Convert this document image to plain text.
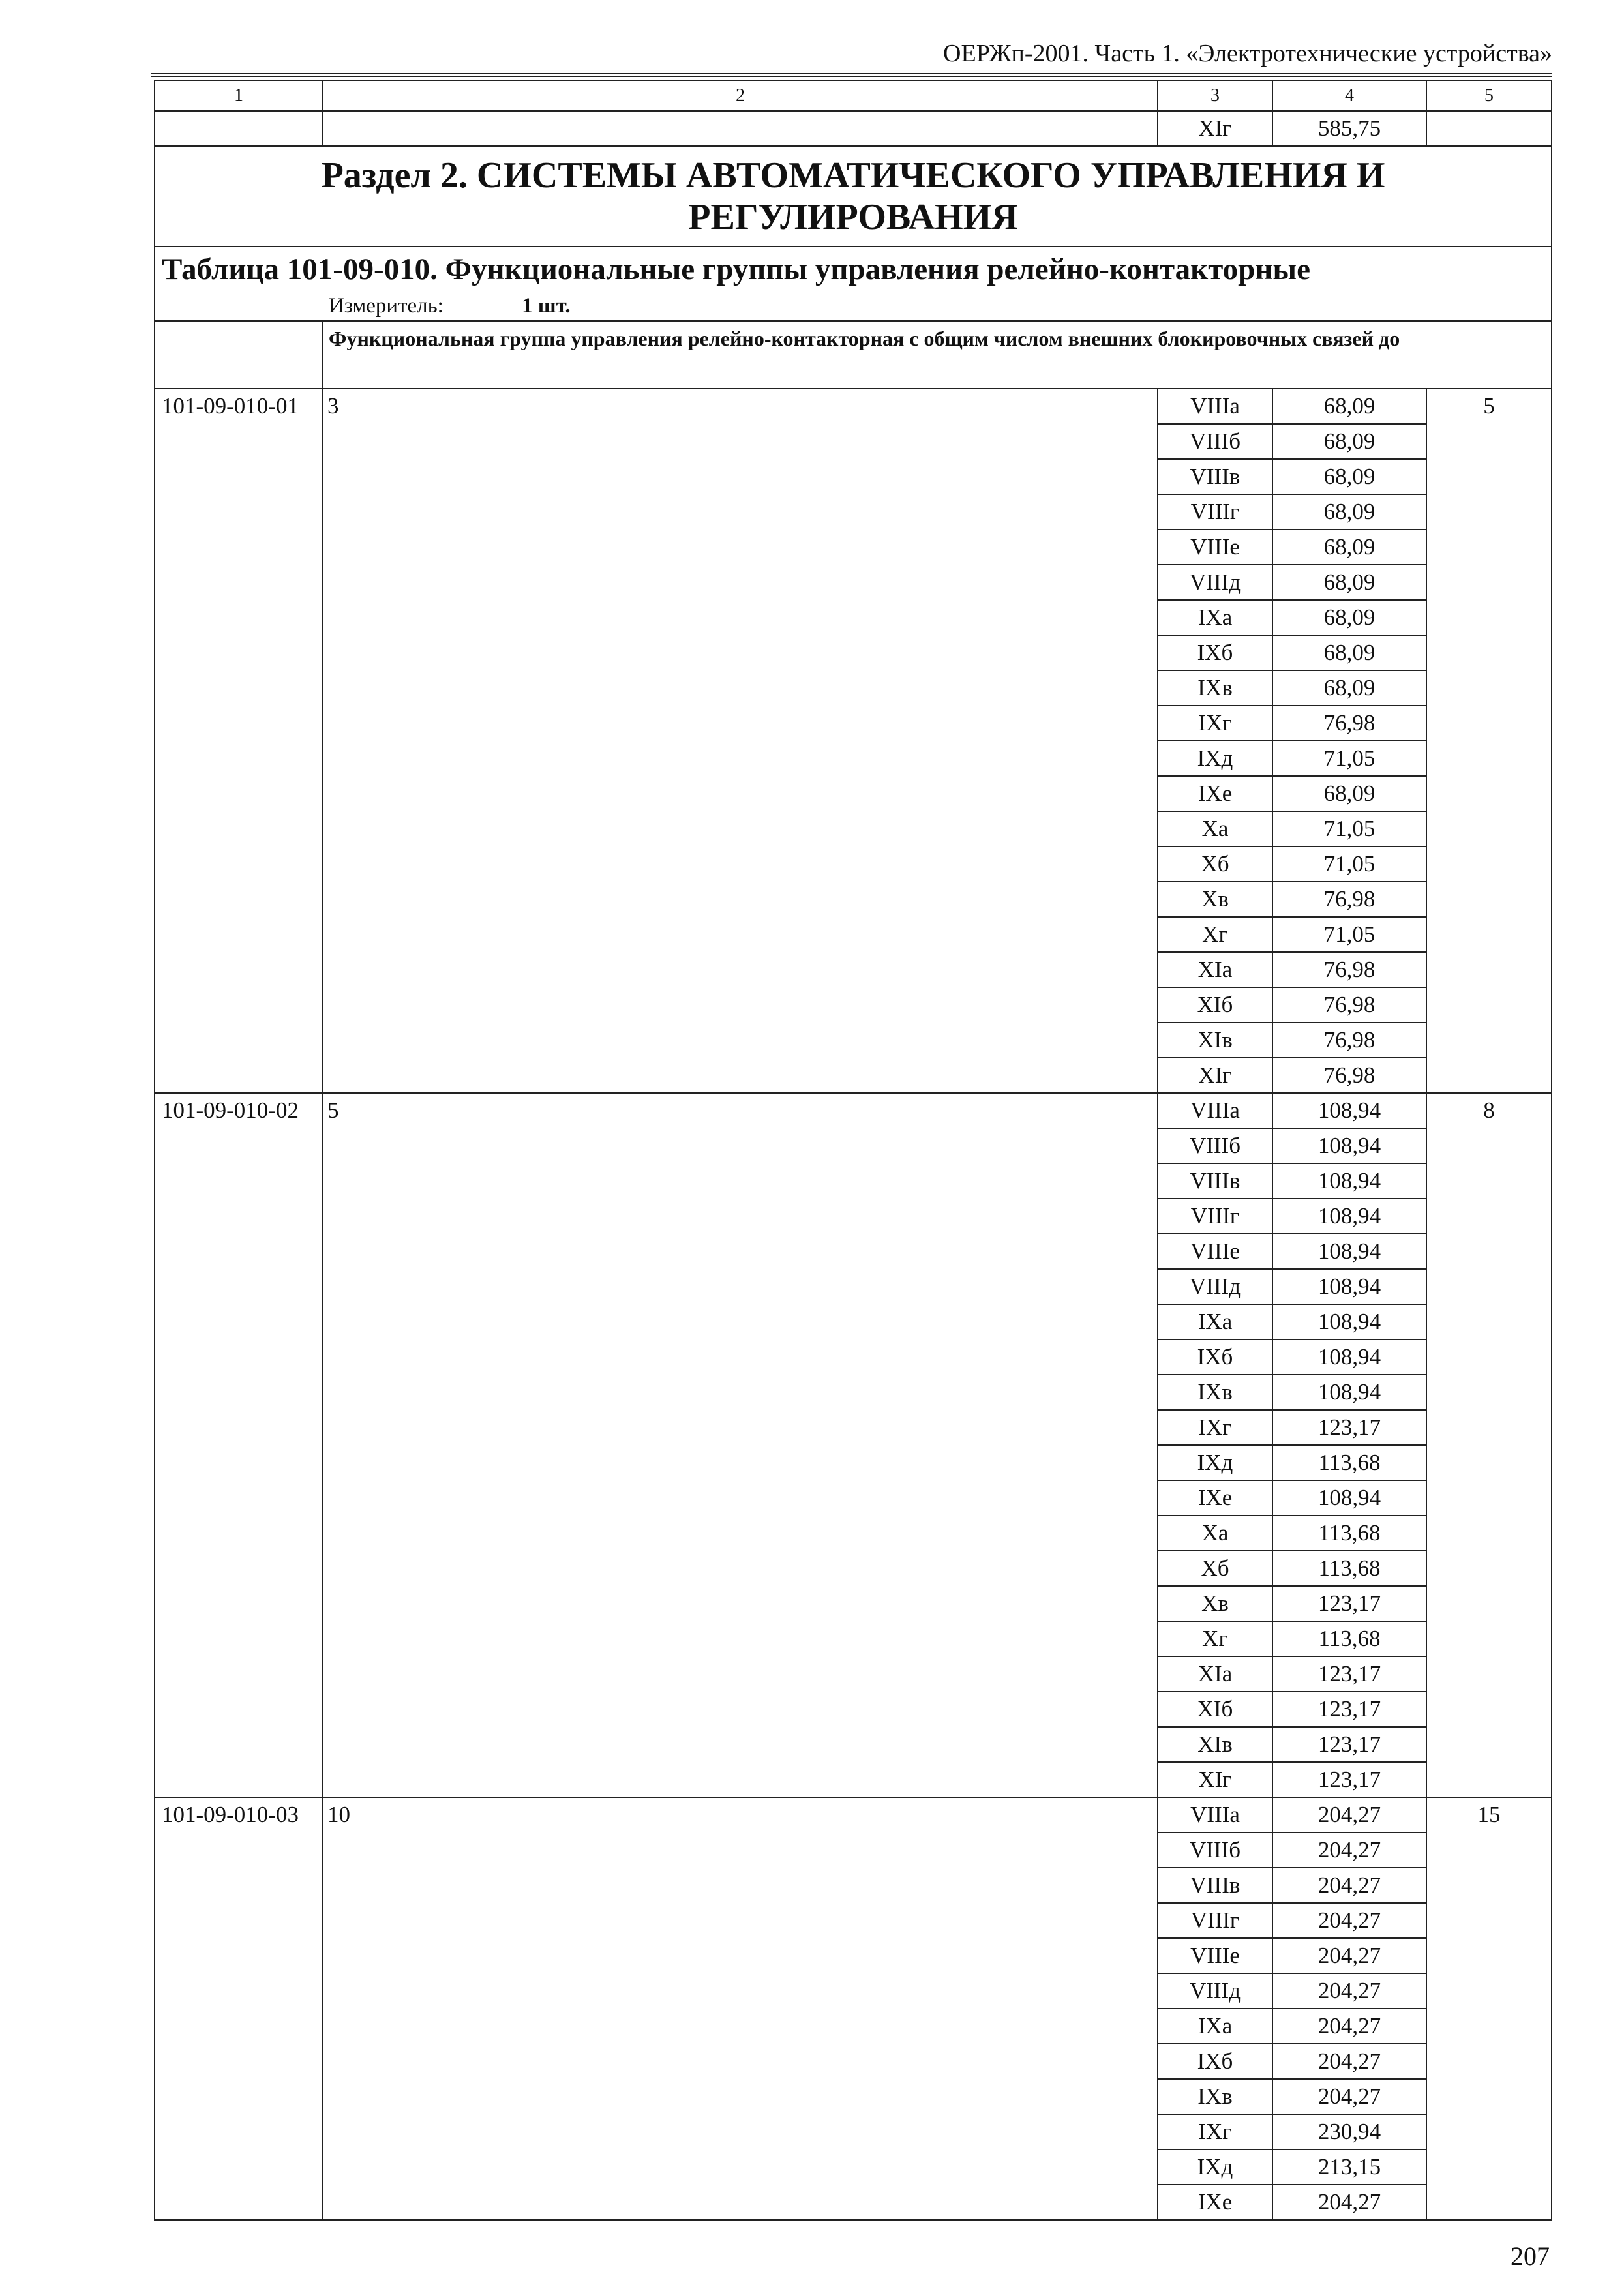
ОЕРЖп-2001. Часть 1. «Электротехнические устройства»
1	2	3	4	5
		XIг	585,75	
Раздел 2. СИСТЕМЫ АВТОМАТИЧЕСКОГО УПРАВЛЕНИЯ И РЕГУЛИРОВАНИЯ				
Таблица 101-09-010. Функциональные группы управления релейно-контакторные				
Измеритель: 1 шт.				
	Функциональная группа управления релейно-контакторная с общим числом внешних блокировочных связей до			
101-09-010-01	3	VIIIа	68,09	5
		VIIIб	68,09	
		VIIIв	68,09	
		VIIIг	68,09	
		VIIIе	68,09	
		VIIIд	68,09	
		IXа	68,09	
		IXб	68,09	
		IXв	68,09	
		IXг	76,98	
		IXд	71,05	
		IXе	68,09	
		Xа	71,05	
		Xб	71,05	
		Xв	76,98	
		Xг	71,05	
		XIа	76,98	
		XIб	76,98	
		XIв	76,98	
		XIг	76,98	
101-09-010-02	5	VIIIа	108,94	8
		VIIIб	108,94	
		VIIIв	108,94	
		VIIIг	108,94	
		VIIIе	108,94	
		VIIIд	108,94	
		IXа	108,94	
		IXб	108,94	
		IXв	108,94	
		IXг	123,17	
		IXд	113,68	
		IXе	108,94	
		Xа	113,68	
		Xб	113,68	
		Xв	123,17	
		Xг	113,68	
		XIа	123,17	
		XIб	123,17	
		XIв	123,17	
		XIг	123,17	
101-09-010-03	10	VIIIа	204,27	15
		VIIIб	204,27	
		VIIIв	204,27	
		VIIIг	204,27	
		VIIIе	204,27	
		VIIIд	204,27	
		IXа	204,27	
		IXб	204,27	
		IXв	204,27	
		IXг	230,94	
		IXд	213,15	
		IXе	204,27	
207
